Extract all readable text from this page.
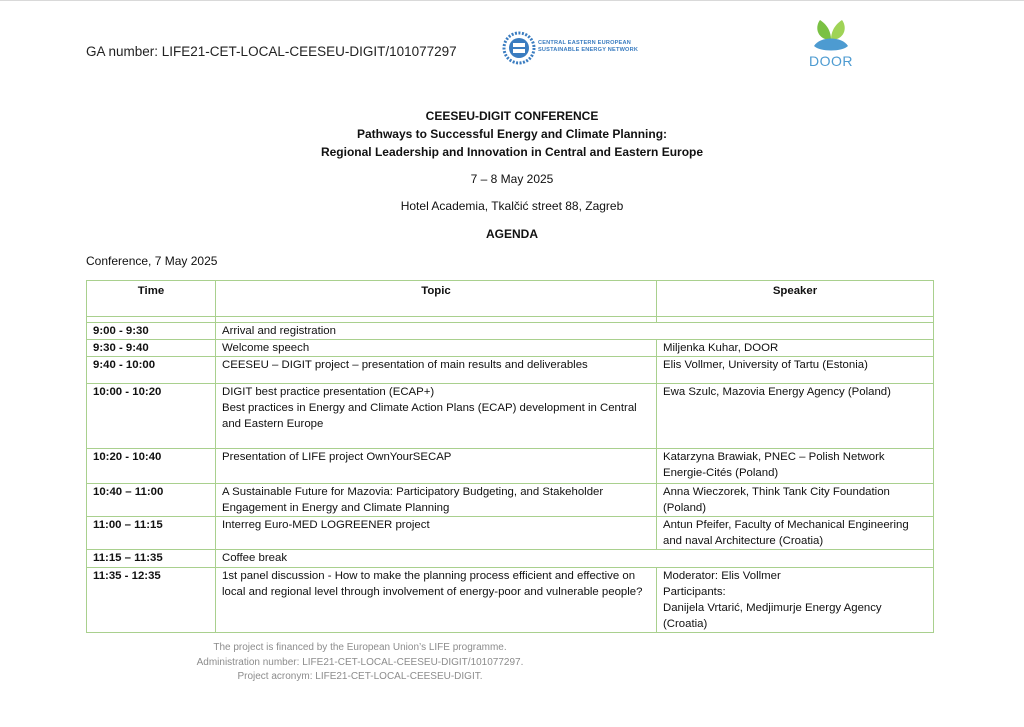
GA number: LIFE21-CET-LOCAL-CEESEU-DIGIT/101077297
CENTRAL EASTERN EUROPEAN SUSTAINABLE ENERGY NETWORK
DOOR
CEESEU-DIGIT CONFERENCE
Pathways to Successful Energy and Climate Planning:
Regional Leadership and Innovation in Central and Eastern Europe
7 – 8 May 2025
Hotel Academia, Tkalčić street 88, Zagreb
AGENDA
Conference, 7 May 2025
Time	Topic	Speaker

9:00 - 9:30	Arrival and registration	
9:30 - 9:40	Welcome speech	Miljenka Kuhar, DOOR
9:40 - 10:00	CEESEU – DIGIT project – presentation of main results and deliverables	Elis Vollmer, University of Tartu (Estonia)
10:00 - 10:20	DIGIT best practice presentation (ECAP+)
Best practices in Energy and Climate Action Plans (ECAP) development in Central and Eastern Europe	Ewa Szulc, Mazovia Energy Agency (Poland)
10:20 - 10:40	Presentation of LIFE project OwnYourSECAP	Katarzyna Brawiak, PNEC – Polish Network Energie-Cités (Poland)
10:40 – 11:00	A Sustainable Future for Mazovia: Participatory Budgeting, and Stakeholder Engagement in Energy and Climate Planning	Anna Wieczorek, Think Tank City Foundation (Poland)
11:00 – 11:15	Interreg Euro-MED LOGREENER project	Antun Pfeifer, Faculty of Mechanical Engineering and naval Architecture (Croatia)
11:15 – 11:35	Coffee break	
11:35 - 12:35	1st panel discussion - How to make the planning process efficient and effective on local and regional level through involvement of energy-poor and vulnerable people?	Moderator: Elis Vollmer
Participants:
Danijela Vrtarić, Medjimurje Energy Agency (Croatia)
The project is financed by the European Union’s LIFE programme.
Administration number: LIFE21-CET-LOCAL-CEESEU-DIGIT/101077297.
Project acronym: LIFE21-CET-LOCAL-CEESEU-DIGIT.
